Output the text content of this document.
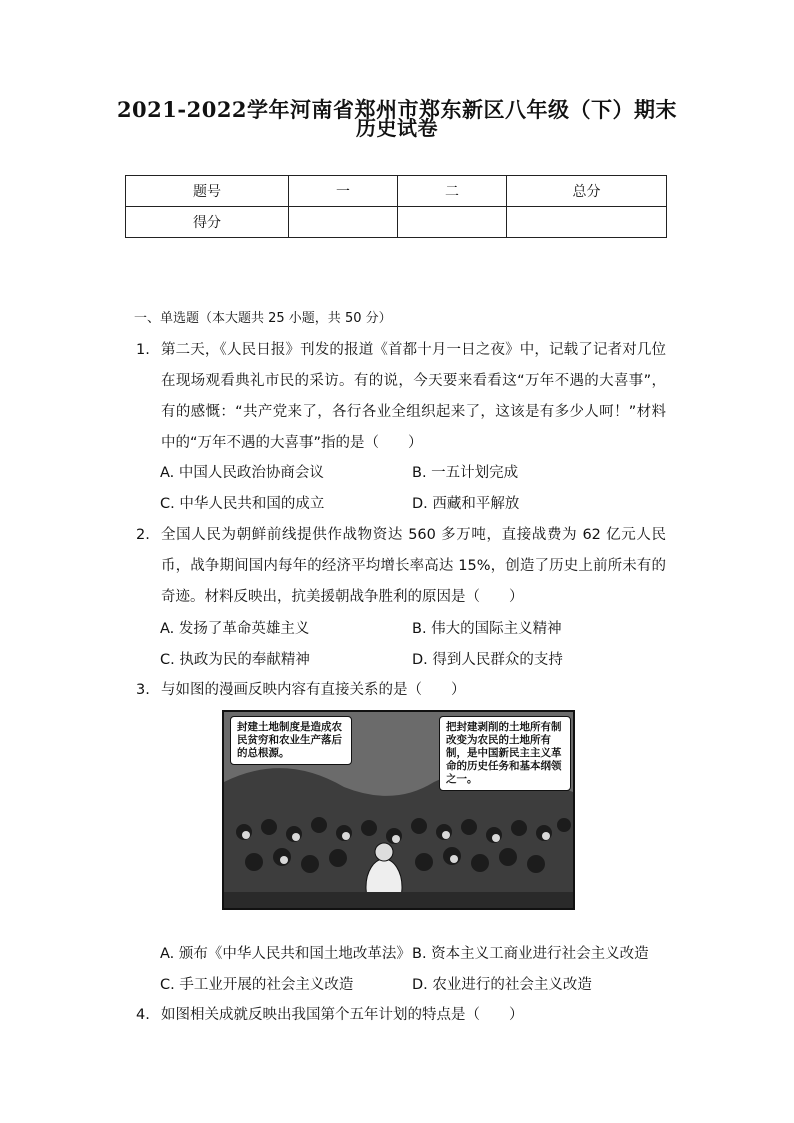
2021-2022学年河南省郑州市郑东新区八年级（下）期末
历史试卷
题号	一	二	总分
得分			
一、单选题（本大题共 25 小题，共 50 分）
1. 第二天，《人民日报》刊发的报道《首都十月一日之夜》中，记载了记者对几位在现场观看典礼市民的采访。有的说，今天要来看看这“万年不遇的大喜事”，有的感慨：“共产党来了，各行各业全组织起来了，这该是有多少人呵！”材料中的“万年不遇的大喜事”指的是（　　）
A. 中国人民政治协商会议	B. 一五计划完成
C. 中华人民共和国的成立	D. 西藏和平解放
2. 全国人民为朝鲜前线提供作战物资达 560 多万吨，直接战费为 62 亿元人民币，战争期间国内每年的经济平均增长率高达 15%，创造了历史上前所未有的奇迹。材料反映出，抗美援朝战争胜利的原因是（　　）
A. 发扬了革命英雄主义	B. 伟大的国际主义精神
C. 执政为民的奉献精神	D. 得到人民群众的支持
3. 与如图的漫画反映内容有直接关系的是（　　）
封建土地制度是造成农民贫穷和农业生产落后的总根源。
把封建剥削的土地所有制改变为农民的土地所有制，是中国新民主主义革命的历史任务和基本纲领之一。
A. 颁布《中华人民共和国土地改革法》 B. 资本主义工商业进行社会主义改造
C. 手工业开展的社会主义改造	D. 农业进行的社会主义改造
4. 如图相关成就反映出我国第个五年计划的特点是（　　）
